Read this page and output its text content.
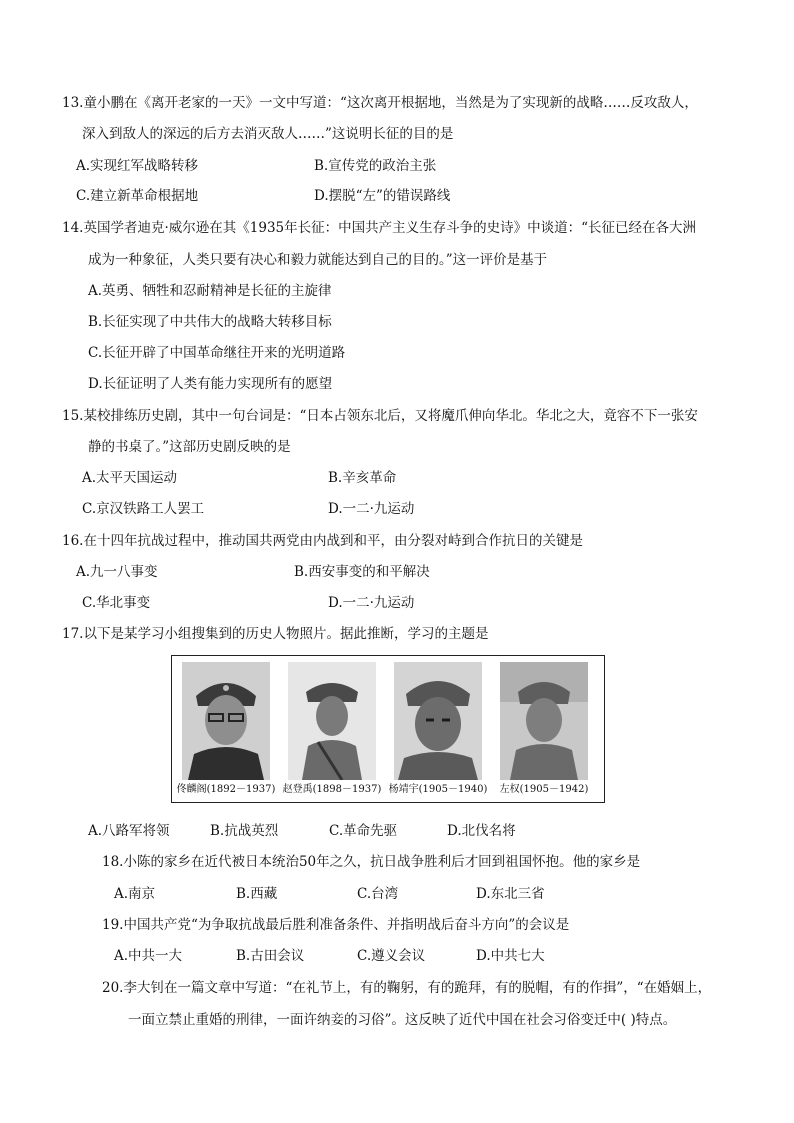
13.童小鹏在《离开老家的一天》一文中写道：“这次离开根据地，当然是为了实现新的战略……反攻敌人，
深入到敌人的深远的后方去消灭敌人……”这说明长征的目的是
A.实现红军战略转移	B.宣传党的政治主张
C.建立新革命根据地	D.摆脱“左”的错误路线
14.英国学者迪克·威尔逊在其《1935年长征：中国共产主义生存斗争的史诗》中谈道：“长征已经在各大洲
成为一种象征，人类只要有决心和毅力就能达到自己的目的。”这一评价是基于
A.英勇、牺牲和忍耐精神是长征的主旋律
B.长征实现了中共伟大的战略大转移目标
C.长征开辟了中国革命继往开来的光明道路
D.长征证明了人类有能力实现所有的愿望
15.某校排练历史剧，其中一句台词是：“日本占领东北后，又将魔爪伸向华北。华北之大，竟容不下一张安
静的书桌了。”这部历史剧反映的是
A.太平天国运动	B.辛亥革命
C.京汉铁路工人罢工	D.一二·九运动
16.在十四年抗战过程中，推动国共两党由内战到和平，由分裂对峙到合作抗日的关键是
A.九一八事变	B.西安事变的和平解决
C.华北事变	D.一二·九运动
17.以下是某学习小组搜集到的历史人物照片。据此推断，学习的主题是
佟麟阁(1892－1937) 赵登禹(1898－1937) 杨靖宇(1905－1940)	左权(1905－1942)
A.八路军将领	B.抗战英烈	C.革命先驱	D.北伐名将
18.小陈的家乡在近代被日本统治50年之久，抗日战争胜利后才回到祖国怀抱。他的家乡是
A.南京	B.西藏	C.台湾	D.东北三省
19.中国共产党“为争取抗战最后胜利准备条件、并指明战后奋斗方向”的会议是
A.中共一大	B.古田会议	C.遵义会议	D.中共七大
20.李大钊在一篇文章中写道：“在礼节上，有的鞠躬，有的跪拜，有的脱帽，有的作揖”，“在婚姻上，
一面立禁止重婚的刑律，一面许纳妾的习俗”。这反映了近代中国在社会习俗变迁中( )特点。
